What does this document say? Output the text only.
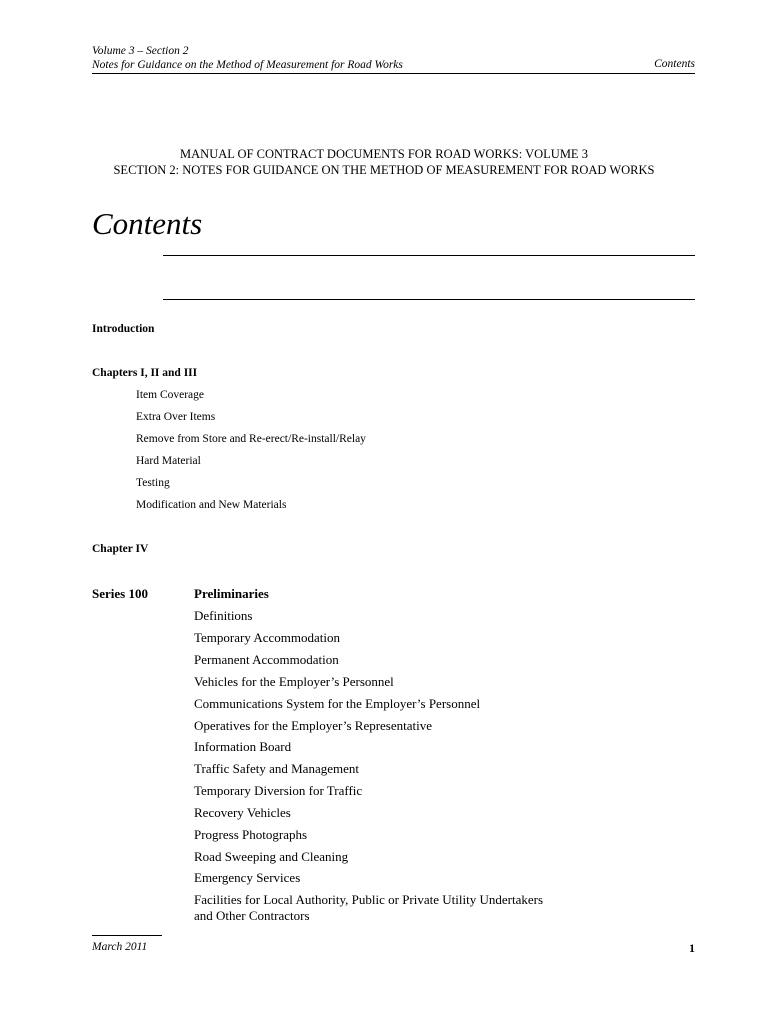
Volume 3 – Section 2
Notes for Guidance on the Method of Measurement for Road Works	Contents
MANUAL OF CONTRACT DOCUMENTS FOR ROAD WORKS: VOLUME 3
SECTION 2: NOTES FOR GUIDANCE ON THE METHOD OF MEASUREMENT FOR ROAD WORKS
Contents
Introduction
Chapters I, II and III
Item Coverage
Extra Over Items
Remove from Store and Re-erect/Re-install/Relay
Hard Material
Testing
Modification and New Materials
Chapter IV
Series 100	Preliminaries
Definitions
Temporary Accommodation
Permanent Accommodation
Vehicles for the Employer’s Personnel
Communications System for the Employer’s Personnel
Operatives for the Employer’s Representative
Information Board
Traffic Safety and Management
Temporary Diversion for Traffic
Recovery Vehicles
Progress Photographs
Road Sweeping and Cleaning
Emergency Services
Facilities for Local Authority, Public or Private Utility Undertakers
and Other Contractors
March 2011	1
